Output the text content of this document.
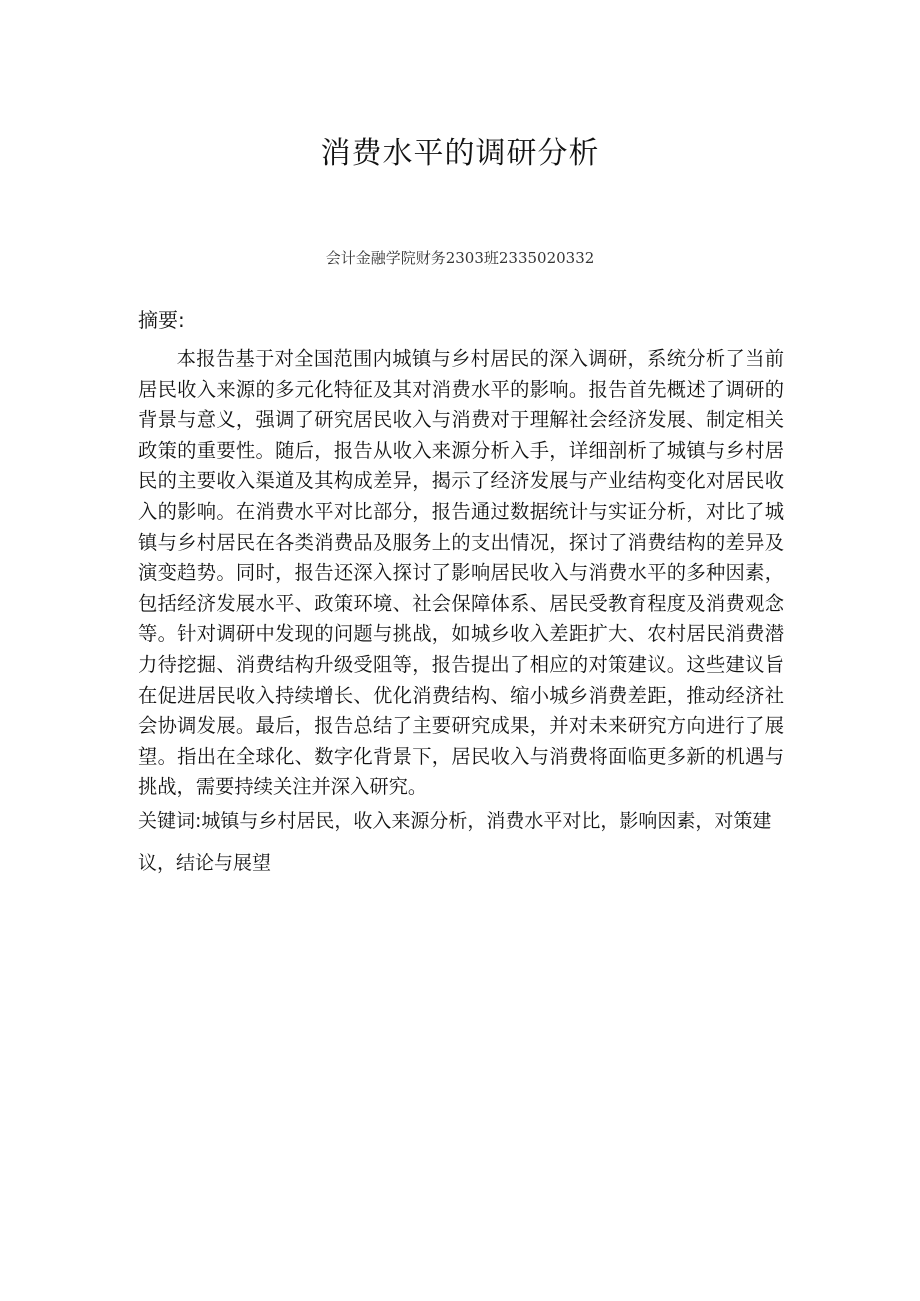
消费水平的调研分析
会计金融学院财务2303班2335020332
摘要:

本报告基于对全国范围内城镇与乡村居民的深入调研，系统分析了当前居民收入来源的多元化特征及其对消费水平的影响。报告首先概述了调研的背景与意义，强调了研究居民收入与消费对于理解社会经济发展、制定相关政策的重要性。随后，报告从收入来源分析入手，详细剖析了城镇与乡村居民的主要收入渠道及其构成差异，揭示了经济发展与产业结构变化对居民收入的影响。在消费水平对比部分，报告通过数据统计与实证分析，对比了城镇与乡村居民在各类消费品及服务上的支出情况，探讨了消费结构的差异及演变趋势。同时，报告还深入探讨了影响居民收入与消费水平的多种因素，包括经济发展水平、政策环境、社会保障体系、居民受教育程度及消费观念等。针对调研中发现的问题与挑战，如城乡收入差距扩大、农村居民消费潜力待挖掘、消费结构升级受阻等，报告提出了相应的对策建议。这些建议旨在促进居民收入持续增长、优化消费结构、缩小城乡消费差距，推动经济社会协调发展。最后，报告总结了主要研究成果，并对未来研究方向进行了展望。指出在全球化、数字化背景下，居民收入与消费将面临更多新的机遇与挑战，需要持续关注并深入研究。

关键词:城镇与乡村居民，收入来源分析，消费水平对比，影响因素，对策建议，结论与展望
